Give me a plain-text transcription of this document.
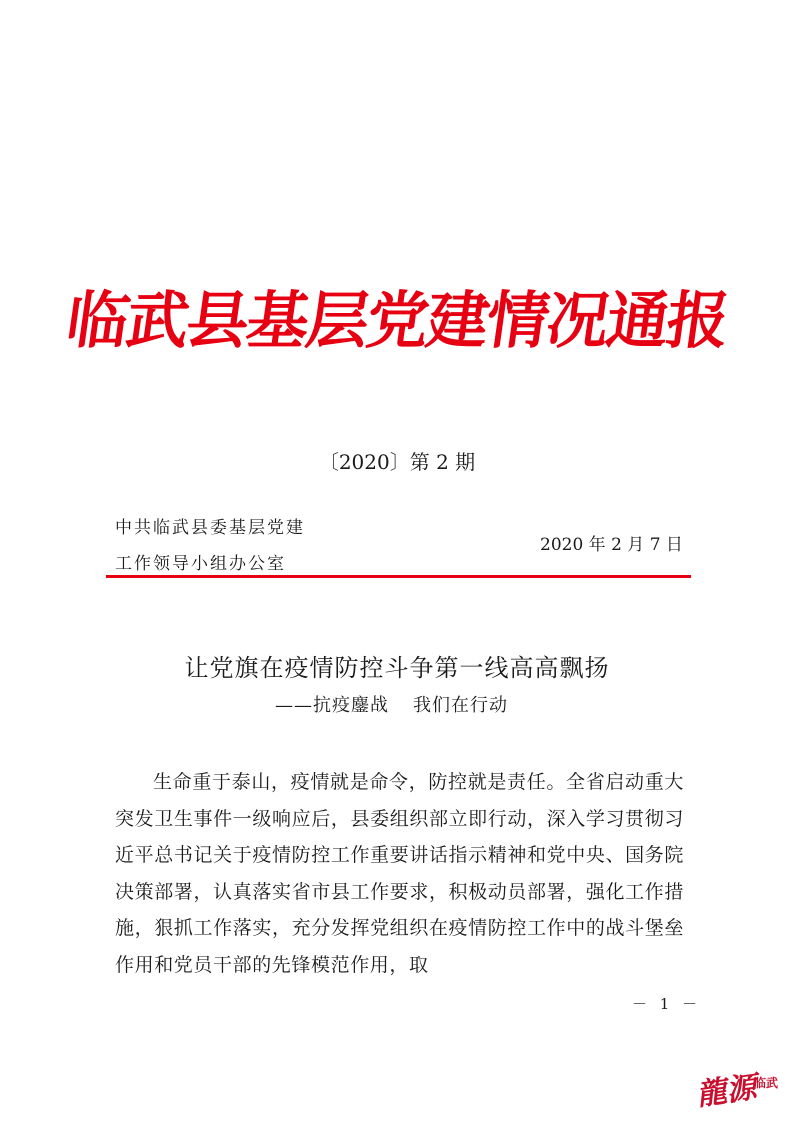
临武县基层党建情况通报
〔2020〕第 2 期
中共临武县委基层党建
工作领导小组办公室
2020 年 2 月 7 日
让党旗在疫情防控斗争第一线高高飘扬
——抗疫鏖战 我们在行动

生命重于泰山，疫情就是命令，防控就是责任。全省启动重大突发卫生事件一级响应后，县委组织部立即行动，深入学习贯彻习近平总书记关于疫情防控工作重要讲话指示精神和党中央、国务院决策部署，认真落实省市县工作要求，积极动员部署，强化工作措施，狠抓工作落实，充分发挥党组织在疫情防控工作中的战斗堡垒作用和党员干部的先锋模范作用，取

－ 1 －
龍源
临武
